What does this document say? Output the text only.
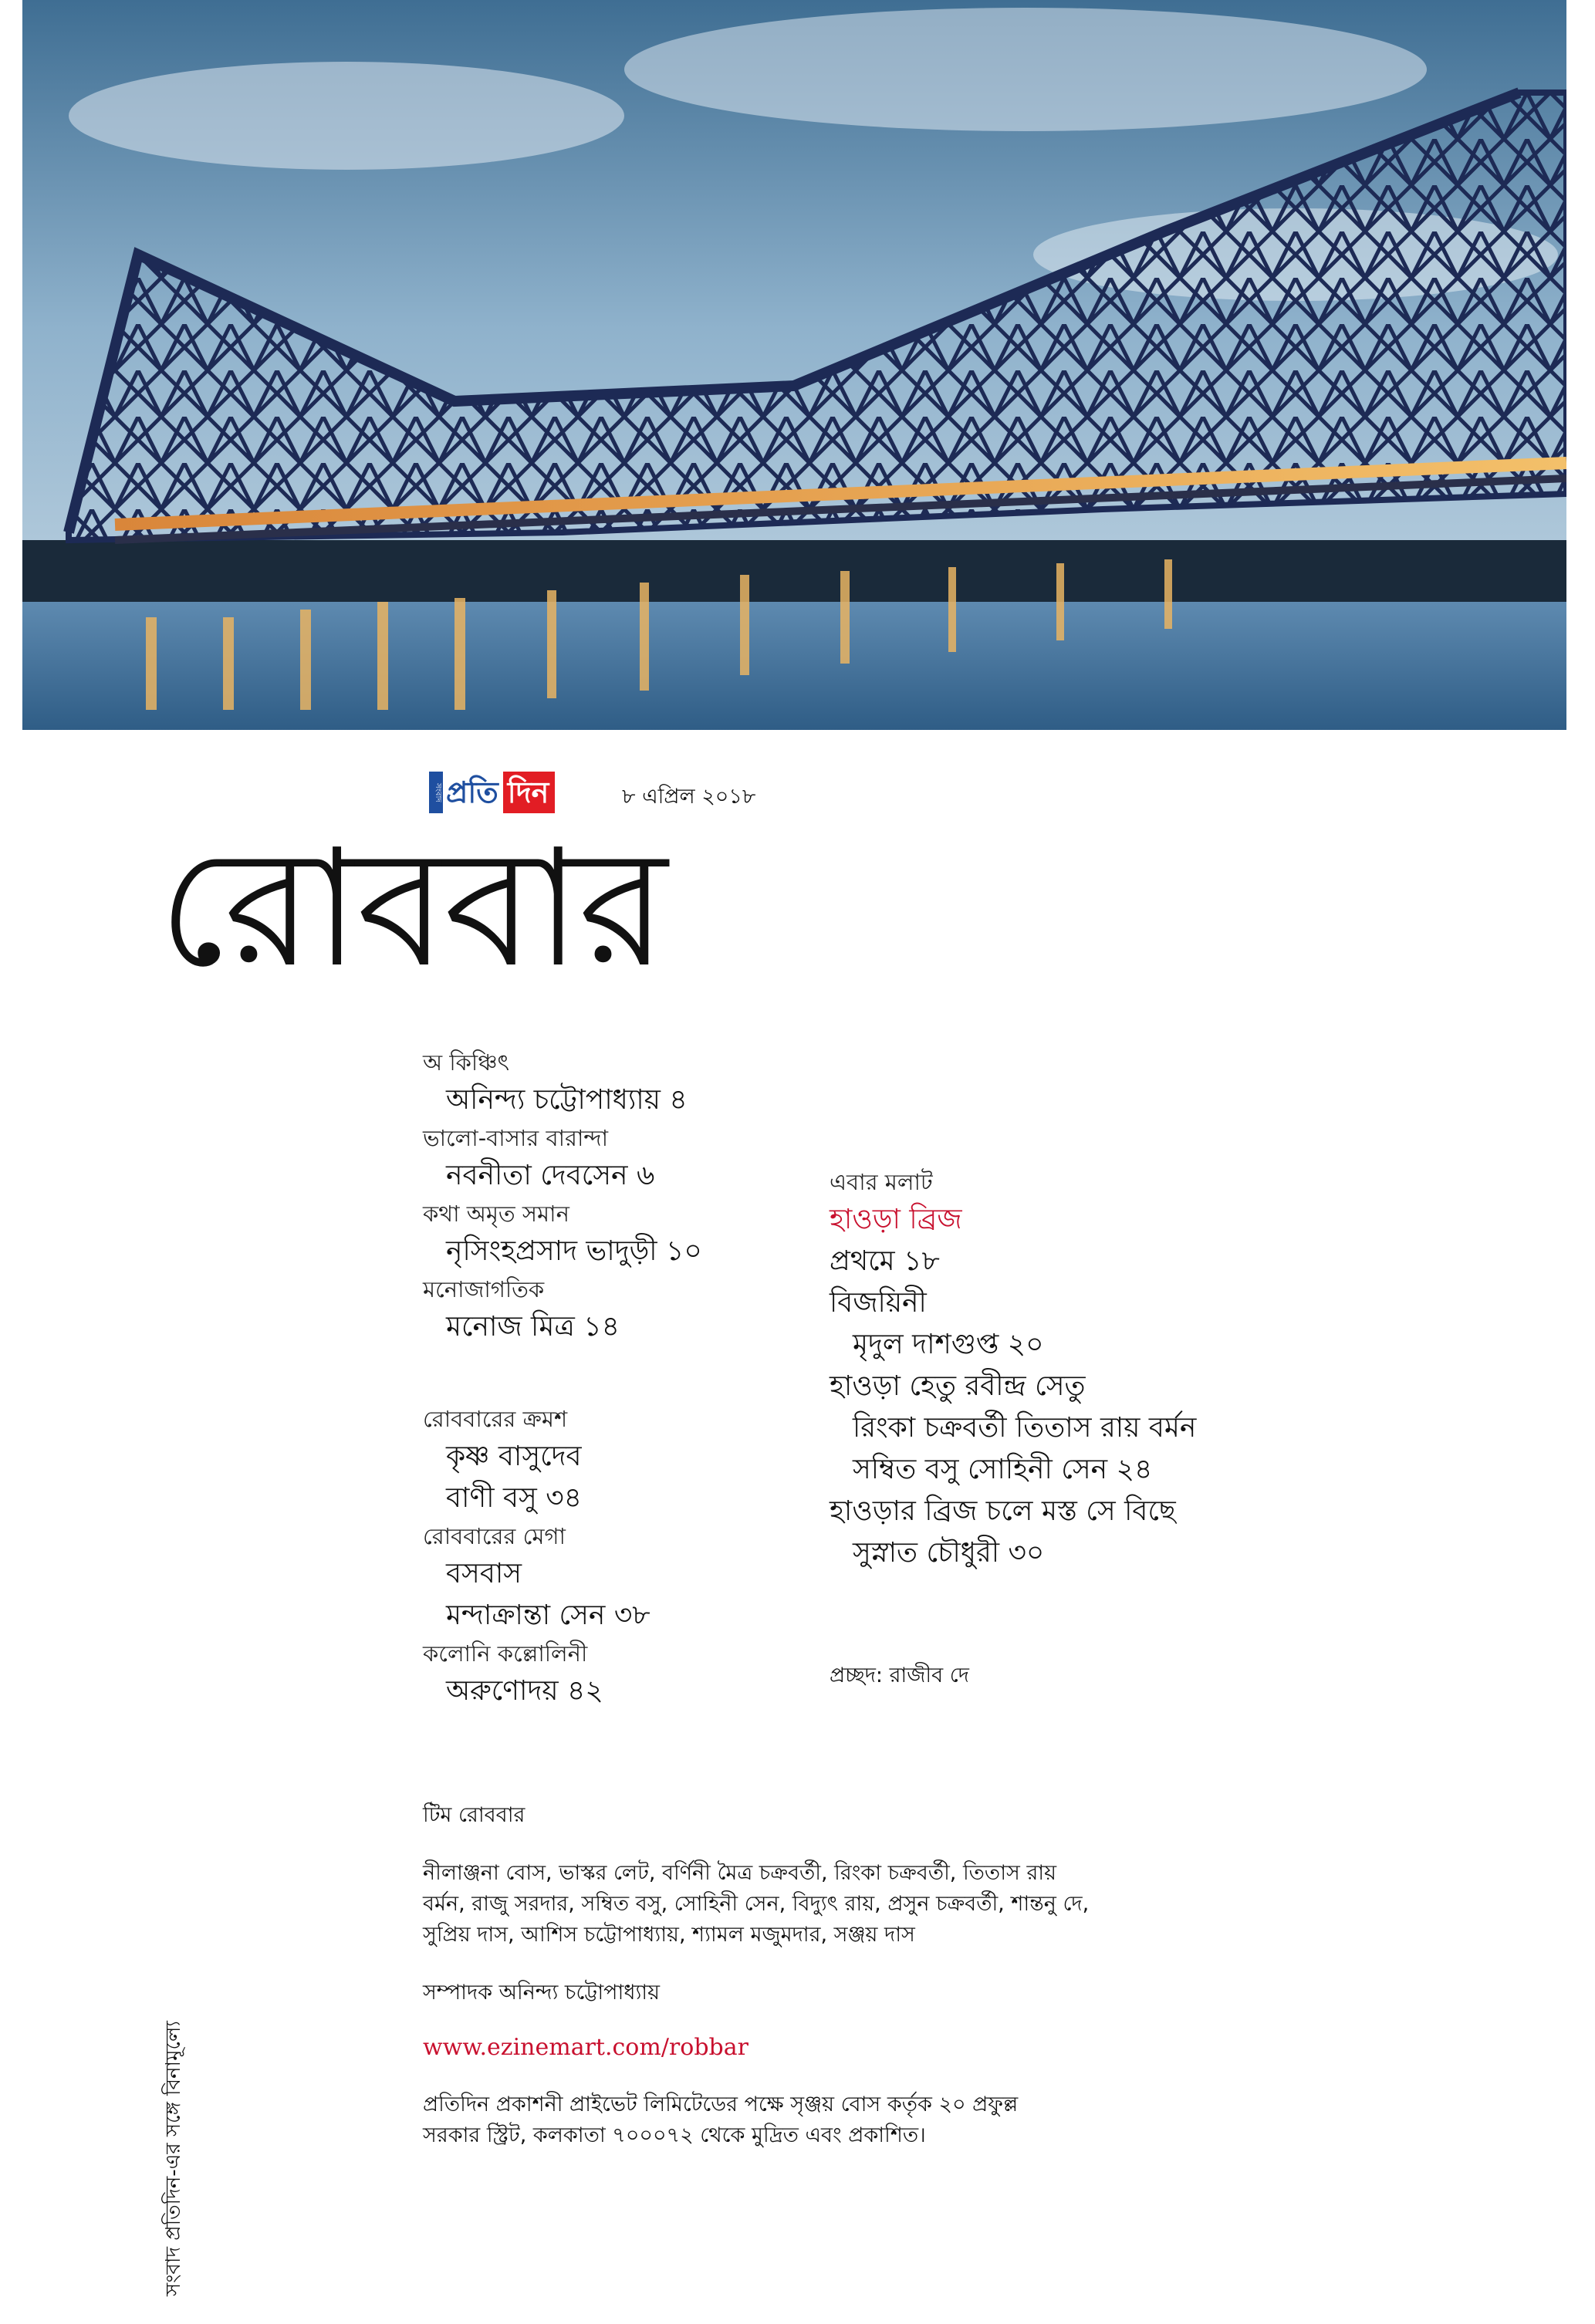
সংবাদ প্রতি দিন	৮ এপ্রিল ২০১৮
রোববার
অ কিঞ্চিৎ
অনিন্দ্য চট্টোপাধ্যায় ৪
ভালো-বাসার বারান্দা
নবনীতা দেবসেন ৬
কথা অমৃত সমান
নৃসিংহপ্রসাদ ভাদুড়ী ১০
মনোজাগতিক
মনোজ মিত্র ১৪
রোববারের ক্রমশ
কৃষ্ণ বাসুদেব
বাণী বসু ৩৪
রোববারের মেগা
বসবাস
মন্দাক্রান্তা সেন ৩৮
কলোনি কল্লোলিনী
অরুণোদয় ৪২
এবার মলাট
হাওড়া ব্রিজ
প্রথমে ১৮
বিজয়িনী
মৃদুল দাশগুপ্ত ২০
হাওড়া হেতু রবীন্দ্র সেতু
রিংকা চক্রবর্তী তিতাস রায় বর্মন
সম্বিত বসু সোহিনী সেন ২৪
হাওড়ার ব্রিজ চলে মস্ত সে বিছে
সুস্নাত চৌধুরী ৩০
প্রচ্ছদ: রাজীব দে
টিম রোববার
নীলাঞ্জনা বোস, ভাস্কর লেট, বর্ণিনী মৈত্র চক্রবর্তী, রিংকা চক্রবর্তী, তিতাস রায়
বর্মন, রাজু সরদার, সম্বিত বসু, সোহিনী সেন, বিদ্যুৎ রায়, প্রসুন চক্রবর্তী, শান্তনু দে,
সুপ্রিয় দাস, আশিস চট্টোপাধ্যায়, শ্যামল মজুমদার, সঞ্জয় দাস
সম্পাদক অনিন্দ্য চট্টোপাধ্যায়
www.ezinemart.com/robbar
প্রতিদিন প্রকাশনী প্রাইভেট লিমিটেডের পক্ষে সৃঞ্জয় বোস কর্তৃক ২০ প্রফুল্ল
সরকার স্ট্রিট, কলকাতা ৭০০০৭২ থেকে মুদ্রিত এবং প্রকাশিত।
সংবাদ প্রতিদিন-এর সঙ্গে বিনামূল্যে
